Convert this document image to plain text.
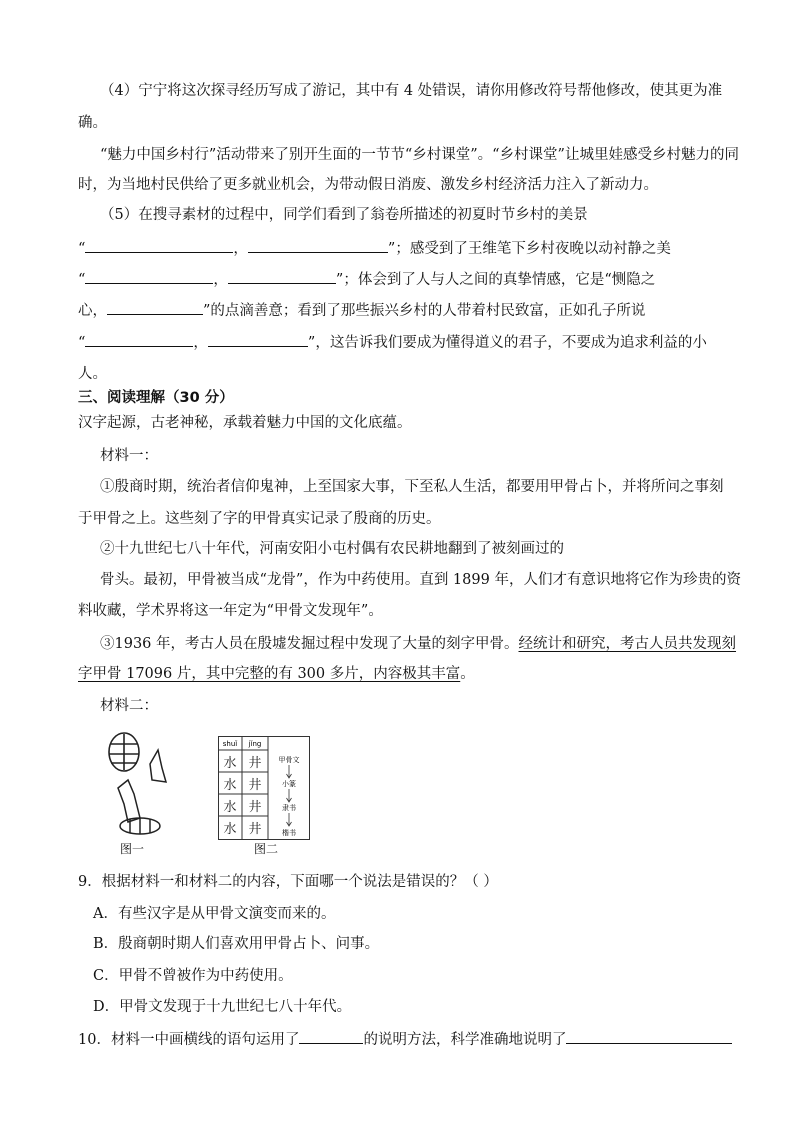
（4）宁宁将这次探寻经历写成了游记，其中有 4 处错误，请你用修改符号帮他修改，使其更为准
确。
“魅力中国乡村行”活动带来了别开生面的一节节“乡村课堂”。“乡村课堂”让城里娃感受乡村魅力的同
时，为当地村民供给了更多就业机会，为带动假日消废、激发乡村经济活力注入了新动力。
（5）在搜寻素材的过程中，同学们看到了翁卷所描述的初夏时节乡村的美景
“	，	”；感受到了王维笔下乡村夜晚以动衬静之美
“	，	”；体会到了人与人之间的真挚情感，它是“恻隐之
心，	”的点滴善意；看到了那些振兴乡村的人带着村民致富，正如孔子所说
“	，	”，这告诉我们要成为懂得道义的君子，不要成为追求利益的小
人。
三、阅读理解（30 分）
汉字起源，古老神秘，承载着魅力中国的文化底蕴。
材料一：
①殷商时期，统治者信仰鬼神，上至国家大事，下至私人生活，都要用甲骨占卜，并将所问之事刻
于甲骨之上。这些刻了字的甲骨真实记录了殷商的历史。
②十九世纪七八十年代，河南安阳小屯村偶有农民耕地翻到了被刻画过的
骨头。最初，甲骨被当成“龙骨”，作为中药使用。直到 1899 年，人们才有意识地将它作为珍贵的资
料收藏，学术界将这一年定为“甲骨文发现年”。
③1936 年，考古人员在殷墟发掘过程中发现了大量的刻字甲骨。经统计和研究，考古人员共发现刻
字甲骨 17096 片，其中完整的有 300 多片，内容极其丰富。
材料二：
图一
shuǐ jǐng
水 井
水 井
水 井
水 井
甲骨文
小篆
隶书
楷书
图二
9．根据材料一和材料二的内容，下面哪一个说法是错误的？（ ）
A．有些汉字是从甲骨文演变而来的。
B．殷商朝时期人们喜欢用甲骨占卜、问事。
C．甲骨不曾被作为中药使用。
D．甲骨文发现于十九世纪七八十年代。
10．材料一中画横线的语句运用了	的说明方法，科学准确地说明了
